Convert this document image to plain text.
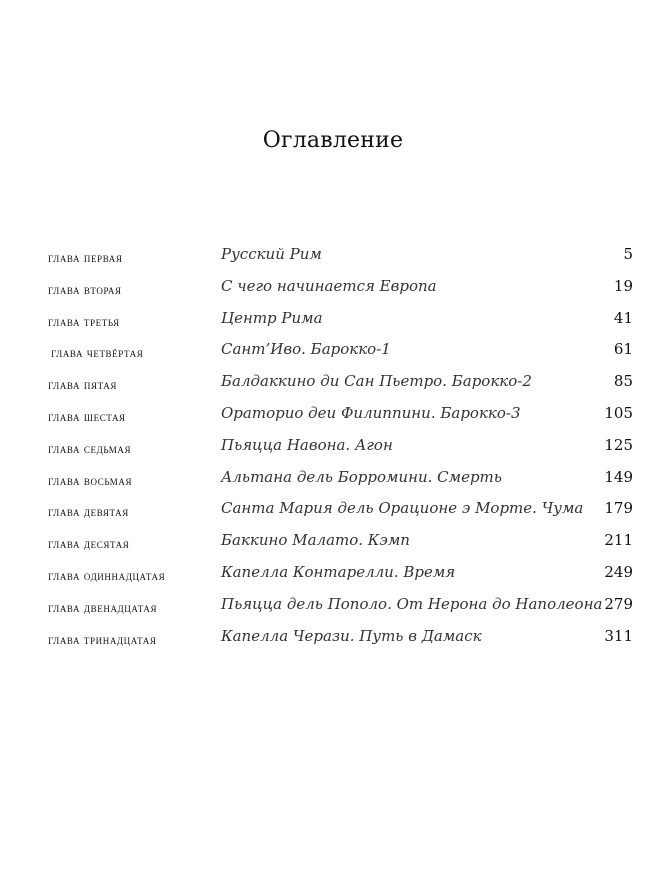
Оглавление
глава первая	Русский Рим	5
глава вторая	С чего начинается Европа	19
глава третья	Центр Рима	41
глава четвёртая	Сант’Иво. Барокко-1	61
глава пятая	Балдаккино ди Сан Пьетро. Барокко-2	85
глава шестая	Ораторио деи Филиппини. Барокко-3	105
глава седьмая	Пьяцца Навона. Агон	125
глава восьмая	Альтана дель Борромини. Смерть	149
глава девятая	Санта Мария дель Орационе э Морте. Чума 179
глава десятая	Баккино Малато. Кэмп	211
глава одиннадцатая	Капелла Контарелли. Время	249
глава двенадцатая	Пьяцца дель Пополо. От Нерона до Наполеона 279
глава тринадцатая	Капелла Черази. Путь в Дамаск	311
